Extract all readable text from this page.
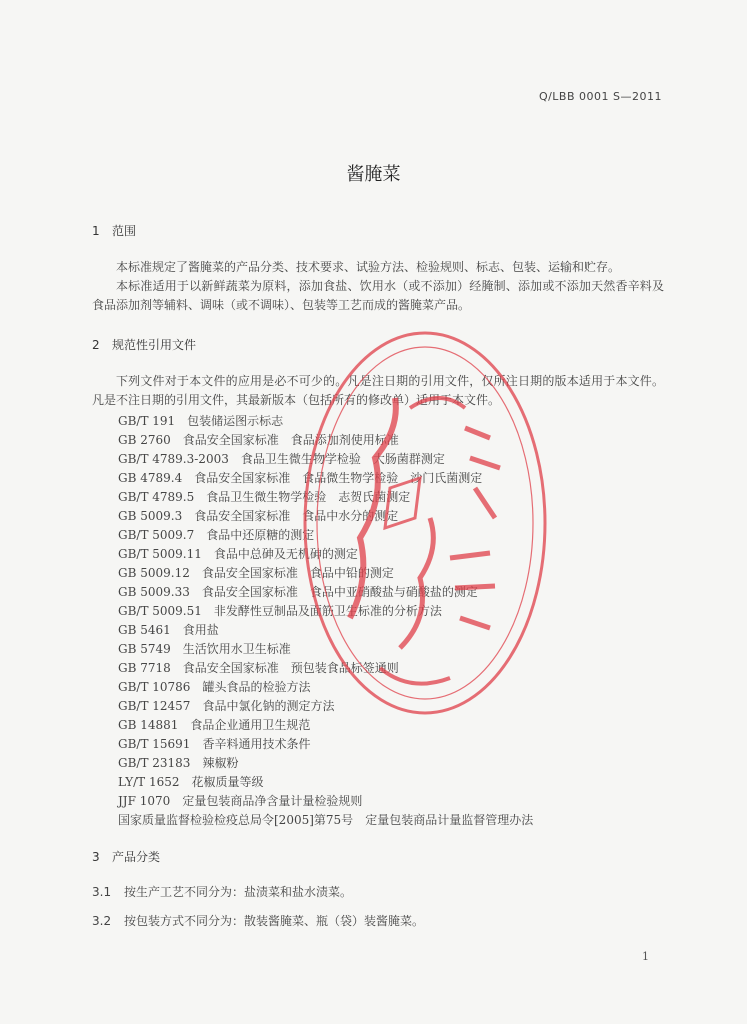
Q/LBB 0001 S—2011
酱腌菜
1 范围

本标准规定了酱腌菜的产品分类、技术要求、试验方法、检验规则、标志、包装、运输和贮存。

本标准适用于以新鲜蔬菜为原料，添加食盐、饮用水（或不添加）经腌制、添加或不添加天然香辛料及食品添加剂等辅料、调味（或不调味）、包装等工艺而成的酱腌菜产品。

2 规范性引用文件

下列文件对于本文件的应用是必不可少的。凡是注日期的引用文件，仅所注日期的版本适用于本文件。凡是不注日期的引用文件，其最新版本（包括所有的修改单）适用于本文件。

GB/T 191 包装储运图示标志
GB 2760 食品安全国家标准　食品添加剂使用标准
GB/T 4789.3-2003 食品卫生微生物学检验　大肠菌群测定
GB 4789.4 食品安全国家标准　食品微生物学检验　沙门氏菌测定
GB/T 4789.5 食品卫生微生物学检验　志贺氏菌测定
GB 5009.3 食品安全国家标准　食品中水分的测定
GB/T 5009.7 食品中还原糖的测定
GB/T 5009.11 食品中总砷及无机砷的测定
GB 5009.12 食品安全国家标准　食品中铅的测定
GB 5009.33 食品安全国家标准　食品中亚硝酸盐与硝酸盐的测定
GB/T 5009.51 非发酵性豆制品及面筋卫生标准的分析方法
GB 5461 食用盐
GB 5749 生活饮用水卫生标准
GB 7718 食品安全国家标准　预包装食品标签通则
GB/T 10786 罐头食品的检验方法
GB/T 12457 食品中氯化钠的测定方法
GB 14881 食品企业通用卫生规范
GB/T 15691 香辛料通用技术条件
GB/T 23183 辣椒粉
LY/T 1652 花椒质量等级
JJF 1070 定量包装商品净含量计量检验规则
国家质量监督检验检疫总局令[2005]第75号 定量包装商品计量监督管理办法
3 产品分类
3.1 按生产工艺不同分为：盐渍菜和盐水渍菜。
3.2 按包装方式不同分为：散装酱腌菜、瓶（袋）装酱腌菜。
1
